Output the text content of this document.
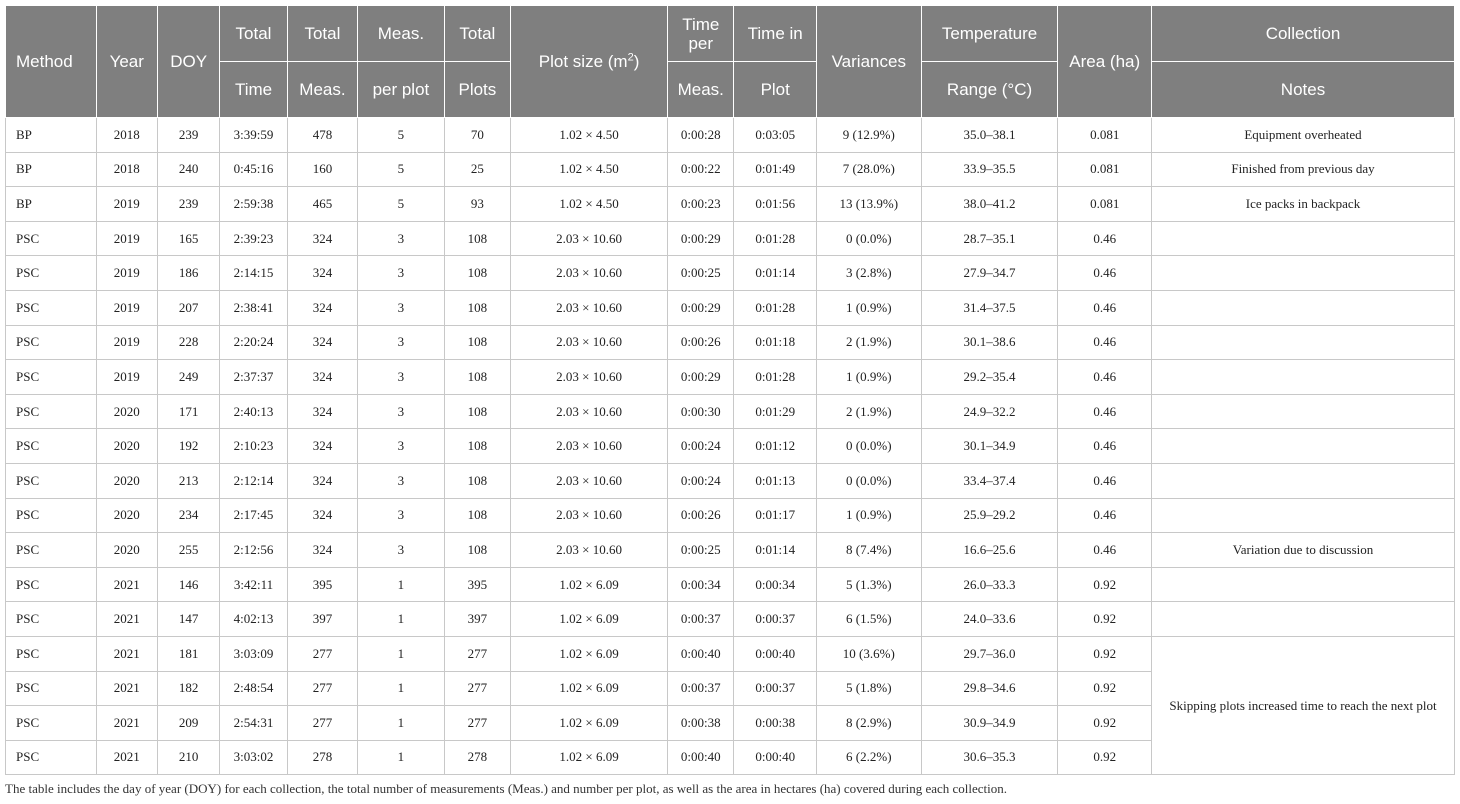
Method	Year	DOY	Total	Total	Meas.	Total	Plot size $(m^2)$	Time per	Time in	Variances	Temperature	Area (ha)	Collection
			Time	Meas.	per plot	Plots		Meas.	Plot		Range (°C)		Notes
BP	2018	239	3:39:59	478	5	70	1.02 × 4.50	0:00:28	0:03:05	9 (12.9%)	35.0–38.1	0.081	Equipment overheated
BP	2018	240	0:45:16	160	5	25	1.02 × 4.50	0:00:22	0:01:49	7 (28.0%)	33.9–35.5	0.081	Finished from previous day
BP	2019	239	2:59:38	465	5	93	1.02 × 4.50	0:00:23	0:01:56	13 (13.9%)	38.0–41.2	0.081	Ice packs in backpack
PSC	2019	165	2:39:23	324	3	108	2.03 × 10.60	0:00:29	0:01:28	0 (0.0%)	28.7–35.1	0.46	
PSC	2019	186	2:14:15	324	3	108	2.03 × 10.60	0:00:25	0:01:14	3 (2.8%)	27.9–34.7	0.46	
PSC	2019	207	2:38:41	324	3	108	2.03 × 10.60	0:00:29	0:01:28	1 (0.9%)	31.4–37.5	0.46	
PSC	2019	228	2:20:24	324	3	108	2.03 × 10.60	0:00:26	0:01:18	2 (1.9%)	30.1–38.6	0.46	
PSC	2019	249	2:37:37	324	3	108	2.03 × 10.60	0:00:29	0:01:28	1 (0.9%)	29.2–35.4	0.46	
PSC	2020	171	2:40:13	324	3	108	2.03 × 10.60	0:00:30	0:01:29	2 (1.9%)	24.9–32.2	0.46	
PSC	2020	192	2:10:23	324	3	108	2.03 × 10.60	0:00:24	0:01:12	0 (0.0%)	30.1–34.9	0.46	
PSC	2020	213	2:12:14	324	3	108	2.03 × 10.60	0:00:24	0:01:13	0 (0.0%)	33.4–37.4	0.46	
PSC	2020	234	2:17:45	324	3	108	2.03 × 10.60	0:00:26	0:01:17	1 (0.9%)	25.9–29.2	0.46	
PSC	2020	255	2:12:56	324	3	108	2.03 × 10.60	0:00:25	0:01:14	8 (7.4%)	16.6–25.6	0.46	Variation due to discussion
PSC	2021	146	3:42:11	395	1	395	1.02 × 6.09	0:00:34	0:00:34	5 (1.3%)	26.0–33.3	0.92	
PSC	2021	147	4:02:13	397	1	397	1.02 × 6.09	0:00:37	0:00:37	6 (1.5%)	24.0–33.6	0.92	
PSC	2021	181	3:03:09	277	1	277	1.02 × 6.09	0:00:40	0:00:40	10 (3.6%)	29.7–36.0	0.92	Skipping plots increased time to reach the next plot
PSC	2021	182	2:48:54	277	1	277	1.02 × 6.09	0:00:37	0:00:37	5 (1.8%)	29.8–34.6	0.92	
PSC	2021	209	2:54:31	277	1	277	1.02 × 6.09	0:00:38	0:00:38	8 (2.9%)	30.9–34.9	0.92	
PSC	2021	210	3:03:02	278	1	278	1.02 × 6.09	0:00:40	0:00:40	6 (2.2%)	30.6–35.3	0.92	
The table includes the day of year (DOY) for each collection, the total number of measurements (Meas.) and number per plot, as well as the area in hectares (ha) covered during each collection.
